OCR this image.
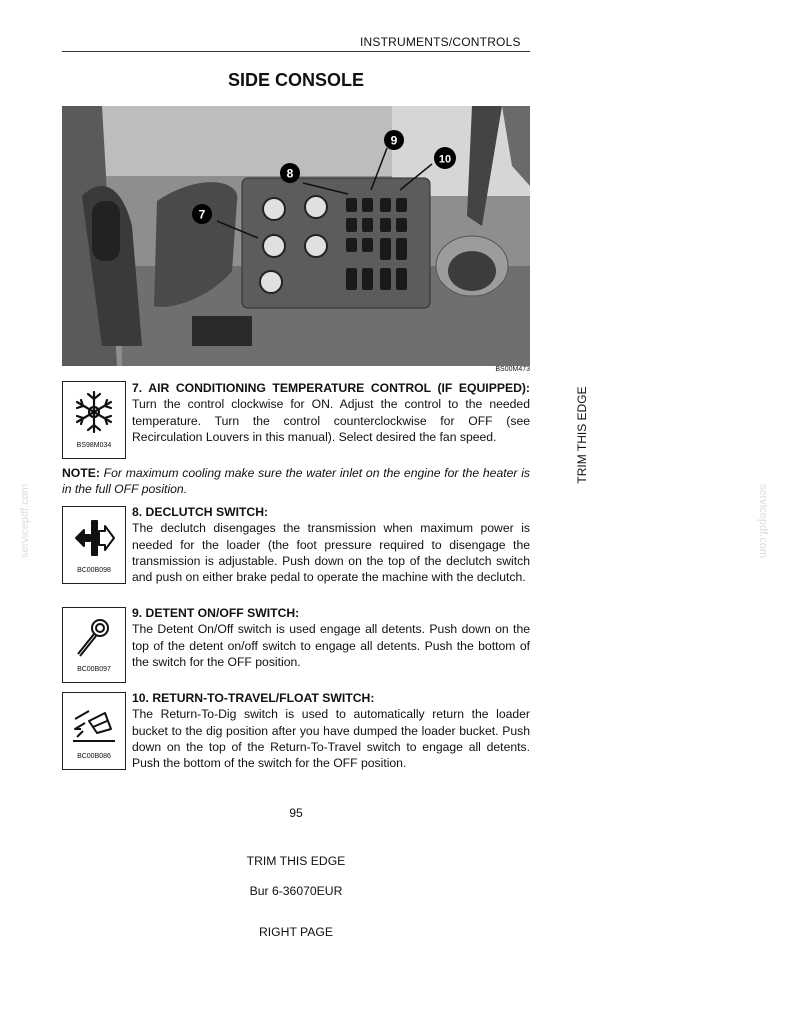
INSTRUMENTS/CONTROLS
SIDE CONSOLE
7
8
9
10
BS00M473
BS98M034
7. AIR CONDITIONING TEMPERATURE CONTROL (IF EQUIPPED):
Turn the control clockwise for ON. Adjust the control to the needed temperature. Turn the control counterclockwise for OFF (see Recirculation Louvers in this manual). Select desired the fan speed.
NOTE: For maximum cooling make sure the water inlet on the engine for the heater is in the full OFF position.
BC00B098
8. DECLUTCH SWITCH:
The declutch disengages the transmission when maximum power is needed for the loader (the foot pressure required to disengage the transmission is adjustable. Push down on the top of the declutch switch and push on either brake pedal to operate the machine with the declutch.
BC00B097
9. DETENT ON/OFF SWITCH:
The Detent On/Off switch is used engage all detents. Push down on the top of the detent on/off switch to engage all detents. Push the bottom of the switch for the OFF position.
BC00B086
10. RETURN-TO-TRAVEL/FLOAT SWITCH:
The Return-To-Dig switch is used to automatically return the loader bucket to the dig position after you have dumped the loader bucket. Push down on the top of the Return-To-Travel switch to engage all detents. Push the bottom of the switch for the OFF position.
TRIM THIS EDGE
servicepdf.com	servicepdf.com
95
TRIM THIS EDGE
Bur 6-36070EUR
RIGHT PAGE
